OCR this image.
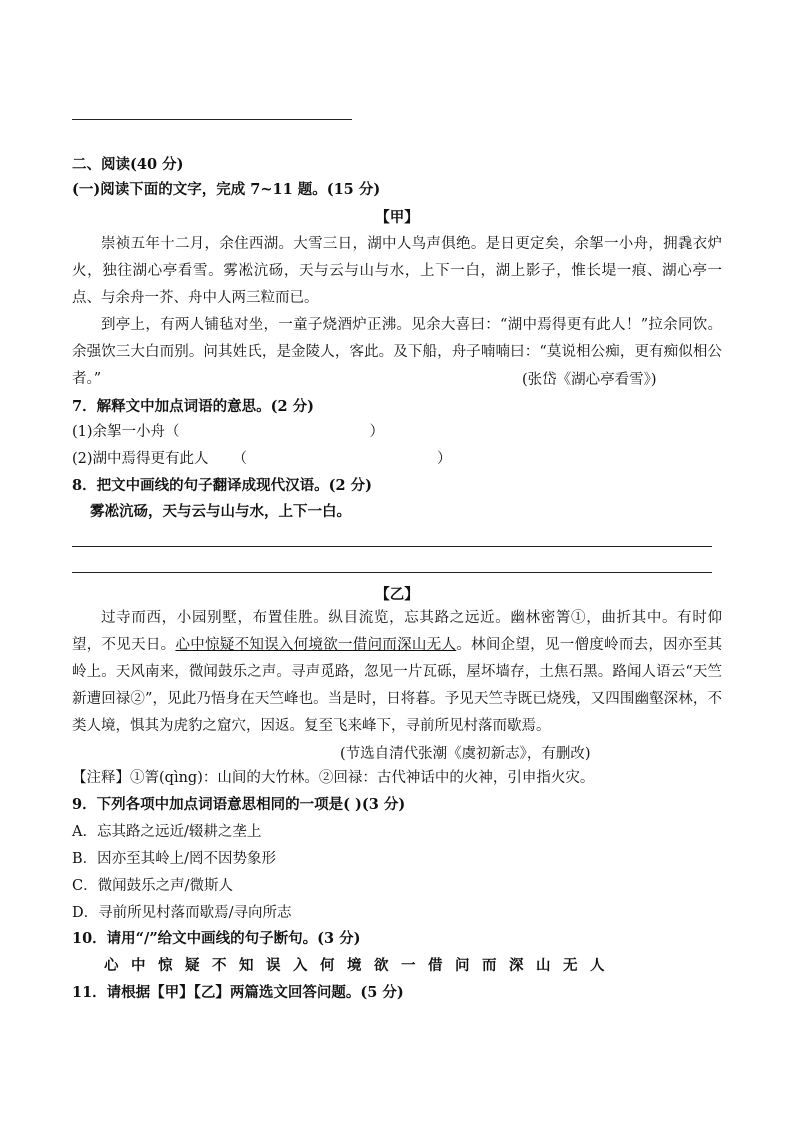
二、阅读(40 分)
(一)阅读下面的文字，完成 7~11 题。(15 分)
【甲】

崇祯五年十二月，余住西湖。大雪三日，湖中人鸟声俱绝。是日更定矣，余挐一小舟，拥毳衣炉火，独往湖心亭看雪。雾凇沆砀，天与云与山与水，上下一白，湖上影子，惟长堤一痕、湖心亭一点、与余舟一芥、舟中人两三粒而已。

到亭上，有两人铺毡对坐，一童子烧酒炉正沸。见余大喜曰：“湖中焉得更有此人！”拉余同饮。余强饮三大白而别。问其姓氏，是金陵人，客此。及下船，舟子喃喃曰：“莫说相公痴，更有痴似相公者。”	(张岱《湖心亭看雪》)
7．解释文中加点词语的意思。(2 分)
(1)余挐一小舟（	）
(2)湖中焉得更有此人 （	）
8．把文中画线的句子翻译成现代汉语。(2 分)
雾凇沆砀，天与云与山与水，上下一白。
【乙】

过寺而西，小园别墅，布置佳胜。纵目流览，忘其路之远近。幽林密箐①，曲折其中。有时仰望，不见天日。心中惊疑不知误入何境欲一借问而深山无人。林间企望，见一僧度岭而去，因亦至其岭上。天风南来，微闻鼓乐之声。寻声觅路，忽见一片瓦砾，屋坏墙存，土焦石黑。路闻人语云“天竺新遭回禄②”，见此乃悟身在天竺峰也。当是时，日将暮。予见天竺寺既已烧残，又四围幽壑深林，不类人境，惧其为虎豹之窟穴，因返。复至飞来峰下，寻前所见村落而歇焉。

(节选自清代张潮《虞初新志》，有删改)
【注释】①箐(qìng)：山间的大竹林。②回禄：古代神话中的火神，引申指火灾。
9．下列各项中加点词语意思相同的一项是( )(3 分)
A．忘其路之远近/辍耕之垄上
B．因亦至其岭上/罔不因势象形
C．微闻鼓乐之声/微斯人
D．寻前所见村落而歇焉/寻向所志
10．请用“/”给文中画线的句子断句。(3 分)
心中惊疑不知误入何境欲一借问而深山无人
11．请根据【甲】【乙】两篇选文回答问题。(5 分)
